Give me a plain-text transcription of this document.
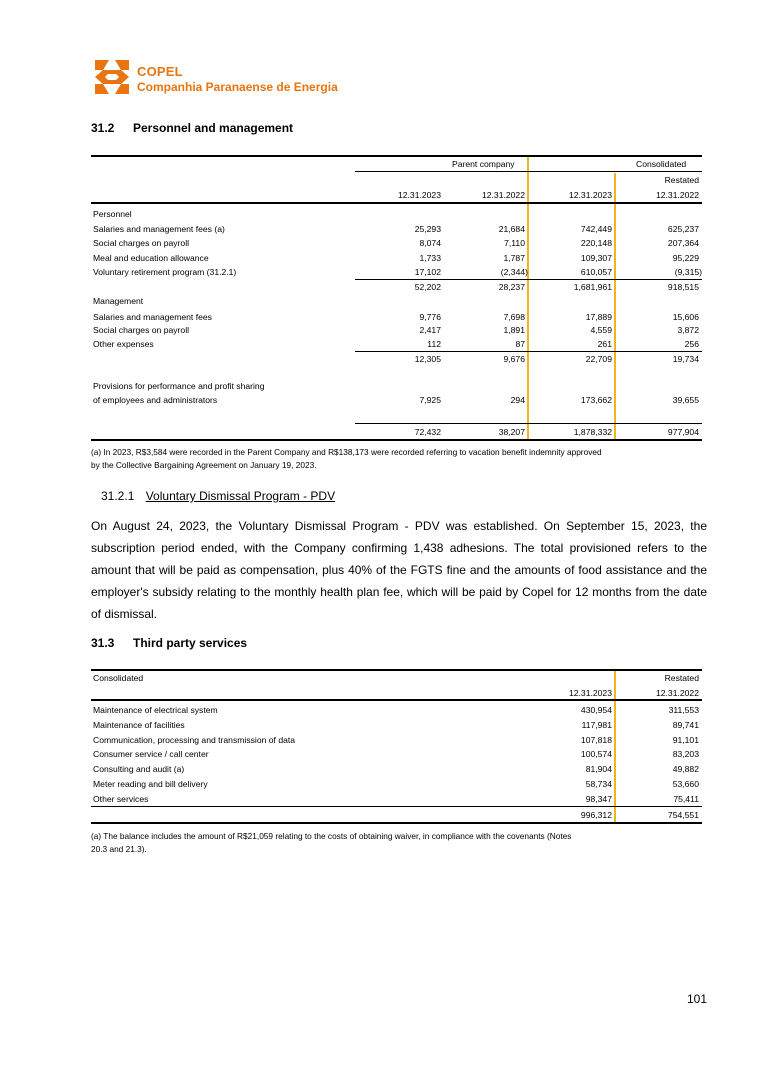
COPEL
Companhia Paranaense de Energia
31.2 Personnel and management
Parent company	Consolidated
Restated
12.31.2023	12.31.2022	12.31.2023	12.31.2022
Personnel
Salaries and management fees (a)	25,293	21,684	742,449	625,237
Social charges on payroll	8,074	7,110	220,148	207,364
Meal and education allowance	1,733	1,787	109,307	95,229
Voluntary retirement program (31.2.1)	17,102	(2,344)	610,057	(9,315)
52,202	28,237	1,681,961	918,515
Management
Salaries and management fees	9,776	7,698	17,889	15,606
Social charges on payroll	2,417	1,891	4,559	3,872
Other expenses	112	87	261	256
12,305	9,676	22,709	19,734
Provisions for performance and profit sharing
of employees and administrators	7,925	294	173,662	39,655
72,432	38,207	1,878,332	977,904
(a) In 2023, R$3,584 were recorded in the Parent Company and R$138,173 were recorded referring to vacation benefit indemnity approved
by the Collective Bargaining Agreement on January 19, 2023.
31.2.1 Voluntary Dismissal Program - PDV
On August 24, 2023, the Voluntary Dismissal Program - PDV was established. On September 15, 2023, the subscription period ended, with the Company confirming 1,438 adhesions. The total provisioned refers to the amount that will be paid as compensation, plus 40% of the FGTS fine and the amounts of food assistance and the employer's subsidy relating to the monthly health plan fee, which will be paid by Copel for 12 months from the date of dismissal.
31.3 Third party services
Consolidated	Restated
12.31.2023	12.31.2022
Maintenance of electrical system	430,954	311,553
Maintenance of facilities	117,981	89,741
Communication, processing and transmission of data	107,818	91,101
Consumer service / call center	100,574	83,203
Consulting and audit (a)	81,904	49,882
Meter reading and bill delivery	58,734	53,660
Other services	98,347	75,411
996,312	754,551
(a) The balance includes the amount of R$21,059 relating to the costs of obtaining waiver, in compliance with the covenants (Notes
20.3 and 21.3).
101
